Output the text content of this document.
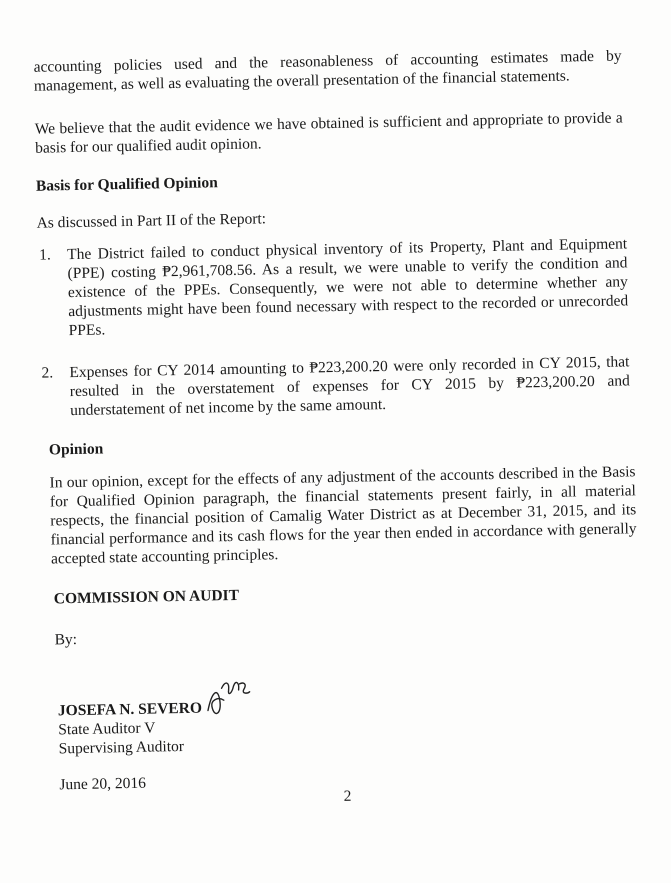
accounting policies used and the reasonableness of accounting estimates made by management, as well as evaluating the overall presentation of the financial statements.

We believe that the audit evidence we have obtained is sufficient and appropriate to provide a basis for our qualified audit opinion.

Basis for Qualified Opinion

As discussed in Part II of the Report:

1. The District failed to conduct physical inventory of its Property, Plant and Equipment (PPE) costing ₱2,961,708.56. As a result, we were unable to verify the condition and existence of the PPEs. Consequently, we were not able to determine whether any adjustments might have been found necessary with respect to the recorded or unrecorded PPEs.

2. Expenses for CY 2014 amounting to ₱223,200.20 were only recorded in CY 2015, that resulted in the overstatement of expenses for CY 2015 by ₱223,200.20 and understatement of net income by the same amount.

Opinion

In our opinion, except for the effects of any adjustment of the accounts described in the Basis for Qualified Opinion paragraph, the financial statements present fairly, in all material respects, the financial position of Camalig Water District as at December 31, 2015, and its financial performance and its cash flows for the year then ended in accordance with generally accepted state accounting principles.

COMMISSION ON AUDIT

By:

JOSEFA N. SEVERO

State Auditor V

Supervising Auditor

June 20, 2016

2
